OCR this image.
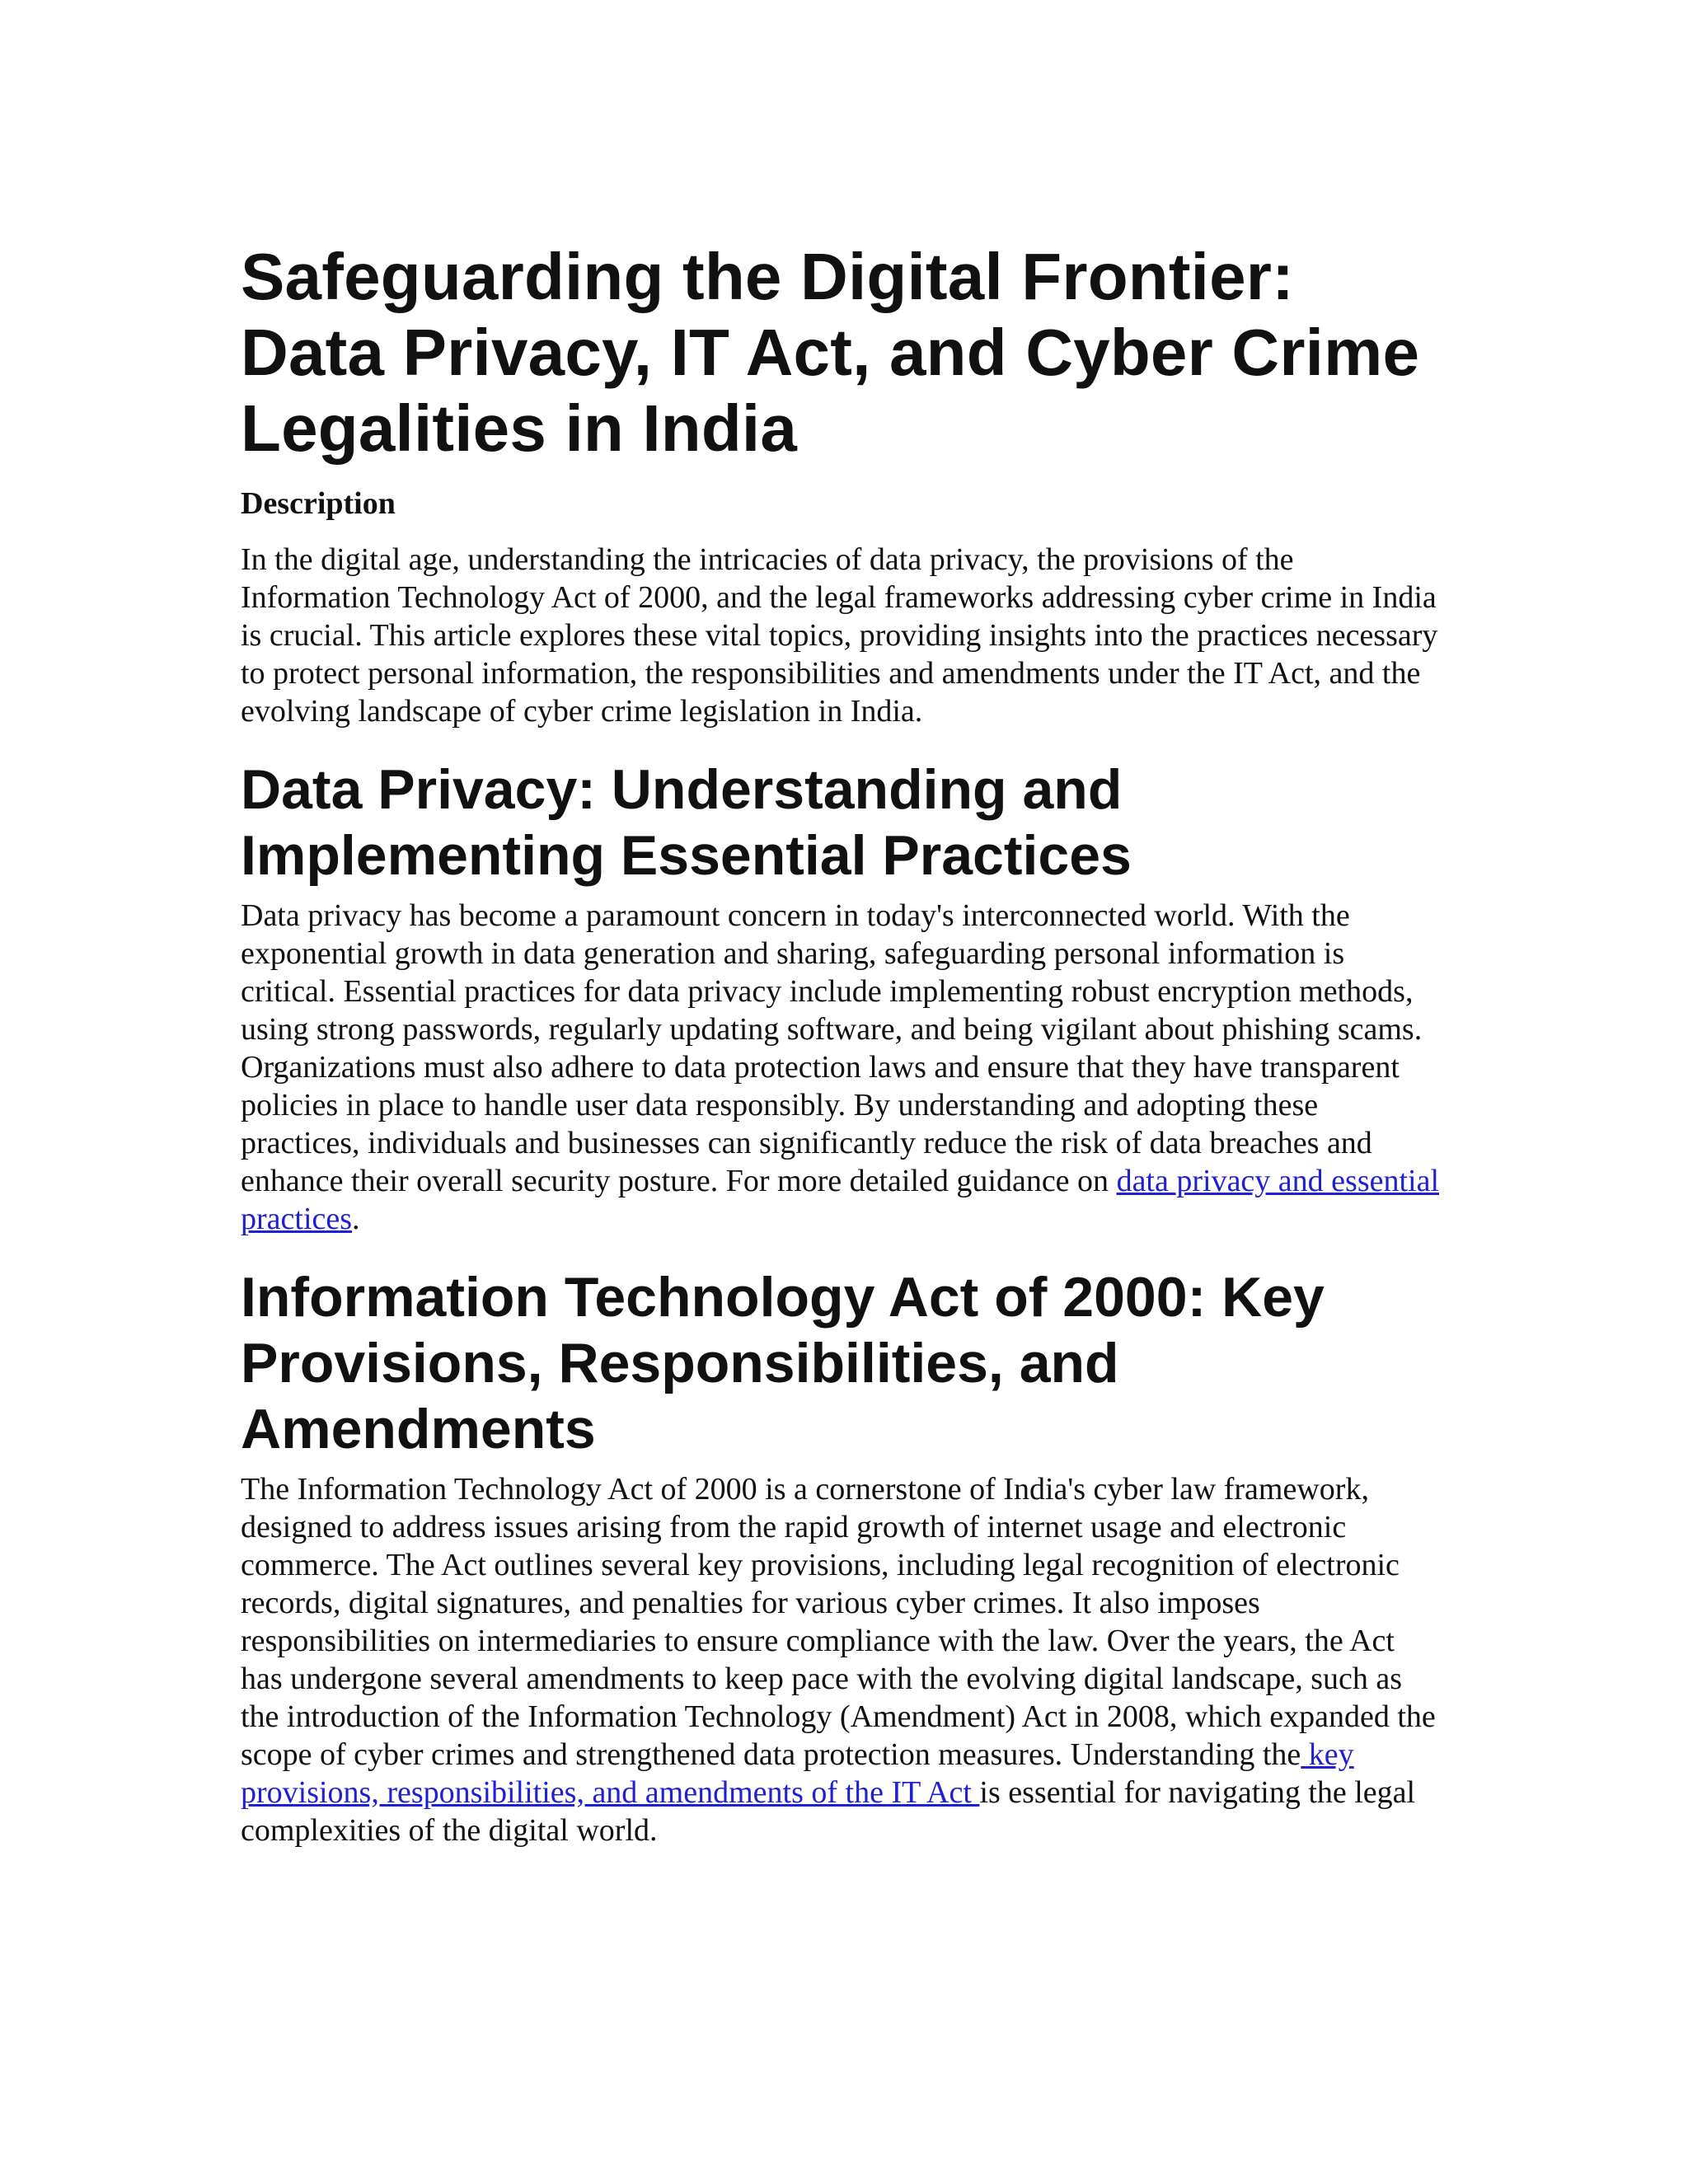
Safeguarding the Digital Frontier: Data Privacy, IT Act, and Cyber Crime Legalities in India
Description

In the digital age, understanding the intricacies of data privacy, the provisions of the Information Technology Act of 2000, and the legal frameworks addressing cyber crime in India is crucial. This article explores these vital topics, providing insights into the practices necessary to protect personal information, the responsibilities and amendments under the IT Act, and the evolving landscape of cyber crime legislation in India.

Data Privacy: Understanding and Implementing Essential Practices

Data privacy has become a paramount concern in today's interconnected world. With the exponential growth in data generation and sharing, safeguarding personal information is critical. Essential practices for data privacy include implementing robust encryption methods, using strong passwords, regularly updating software, and being vigilant about phishing scams. Organizations must also adhere to data protection laws and ensure that they have transparent policies in place to handle user data responsibly. By understanding and adopting these practices, individuals and businesses can significantly reduce the risk of data breaches and enhance their overall security posture. For more detailed guidance on data privacy and essential practices.

Information Technology Act of 2000: Key Provisions, Responsibilities, and Amendments

The Information Technology Act of 2000 is a cornerstone of India's cyber law framework, designed to address issues arising from the rapid growth of internet usage and electronic commerce. The Act outlines several key provisions, including legal recognition of electronic records, digital signatures, and penalties for various cyber crimes. It also imposes responsibilities on intermediaries to ensure compliance with the law. Over the years, the Act has undergone several amendments to keep pace with the evolving digital landscape, such as the introduction of the Information Technology (Amendment) Act in 2008, which expanded the scope of cyber crimes and strengthened data protection measures. Understanding the key provisions, responsibilities, and amendments of the IT Act is essential for navigating the legal complexities of the digital world.
